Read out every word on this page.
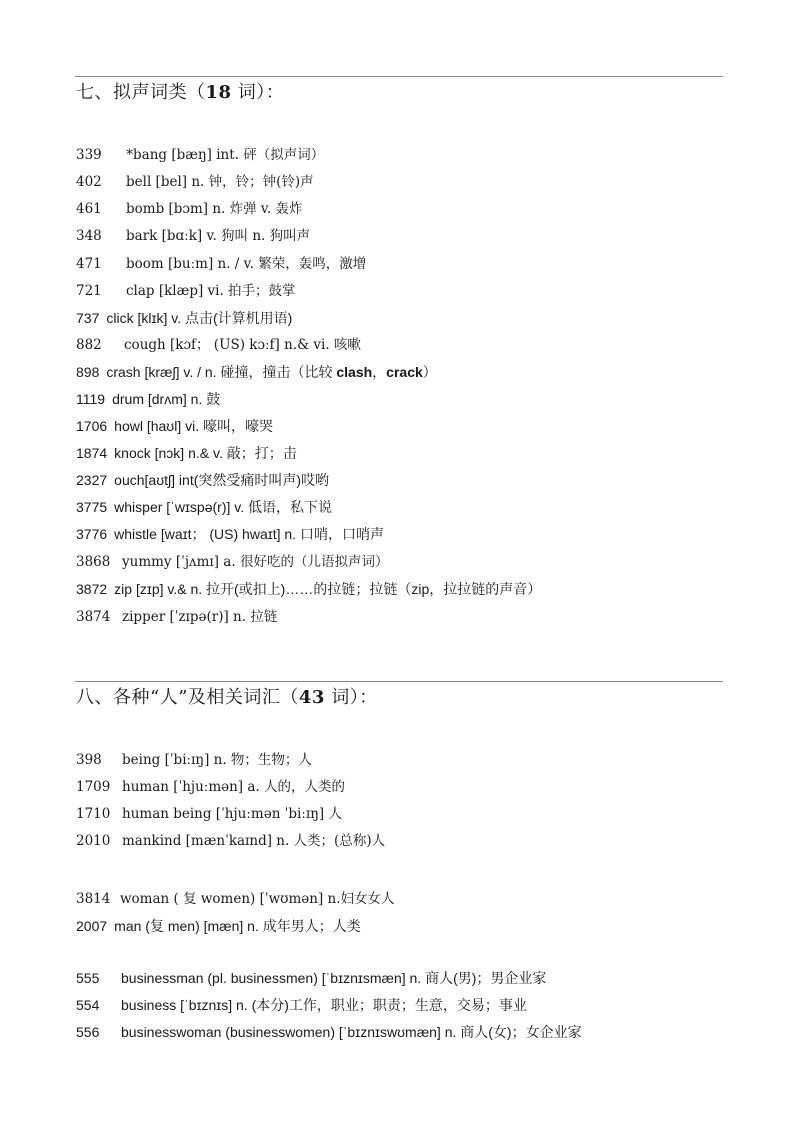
七、拟声词类（18 词）：
339 *bang [bæŋ] int. 砰（拟声词）
402 bell [bel] n. 钟，铃；钟(铃)声
461 bomb [bɔm] n. 炸弹 v. 轰炸
348 bark [bɑːk] v. 狗叫 n. 狗叫声
471 boom [buːm] n. / v. 繁荣，轰鸣，激增
721 clap [klæp] vi. 拍手；鼓掌
737 click [klɪk] v. 点击(计算机用语)
882 cough [kɔf； (US) kɔːf] n.& vi. 咳嗽
898 crash [kræʃ] v. / n. 碰撞，撞击（比较 clash，crack）
1119 drum [drʌm] n. 鼓
1706 howl [haʊl] vi. 嚎叫，嚎哭
1874 knock [nɔk] n.& v. 敲；打；击
2327 ouch[aʊtʃ] int(突然受痛时叫声)哎哟
3775 whisper [ˈwɪspə(r)] v. 低语，私下说
3776 whistle [waɪt； (US) hwaɪt] n. 口哨，口哨声
3868 yummy [ˈjʌmɪ] a. 很好吃的（儿语拟声词）
3872 zip [zɪp] v.& n. 拉开(或扣上)……的拉链；拉链（zip，拉拉链的声音）
3874 zipper [ˈzɪpə(r)] n. 拉链
八、各种“人”及相关词汇（43 词）：
398 being [ˈbiːɪŋ] n. 物；生物；人
1709 human [ˈhjuːmən] a. 人的，人类的
1710 human being [ˈhjuːmən ˈbiːɪŋ] 人
2010 mankind [mænˈkaɪnd] n. 人类；(总称)人
3814 woman ( 复 women) [ˈwʊmən] n.妇女女人
2007 man (复 men) [mæn] n. 成年男人；人类
555 businessman (pl. businessmen) [ˈbɪznɪsmæn] n. 商人(男)；男企业家
554 business [ˈbɪznɪs] n. (本分)工作，职业；职责；生意，交易；事业
556 businesswoman (businesswomen) [ˈbɪznɪswʊmæn] n. 商人(女)；女企业家
